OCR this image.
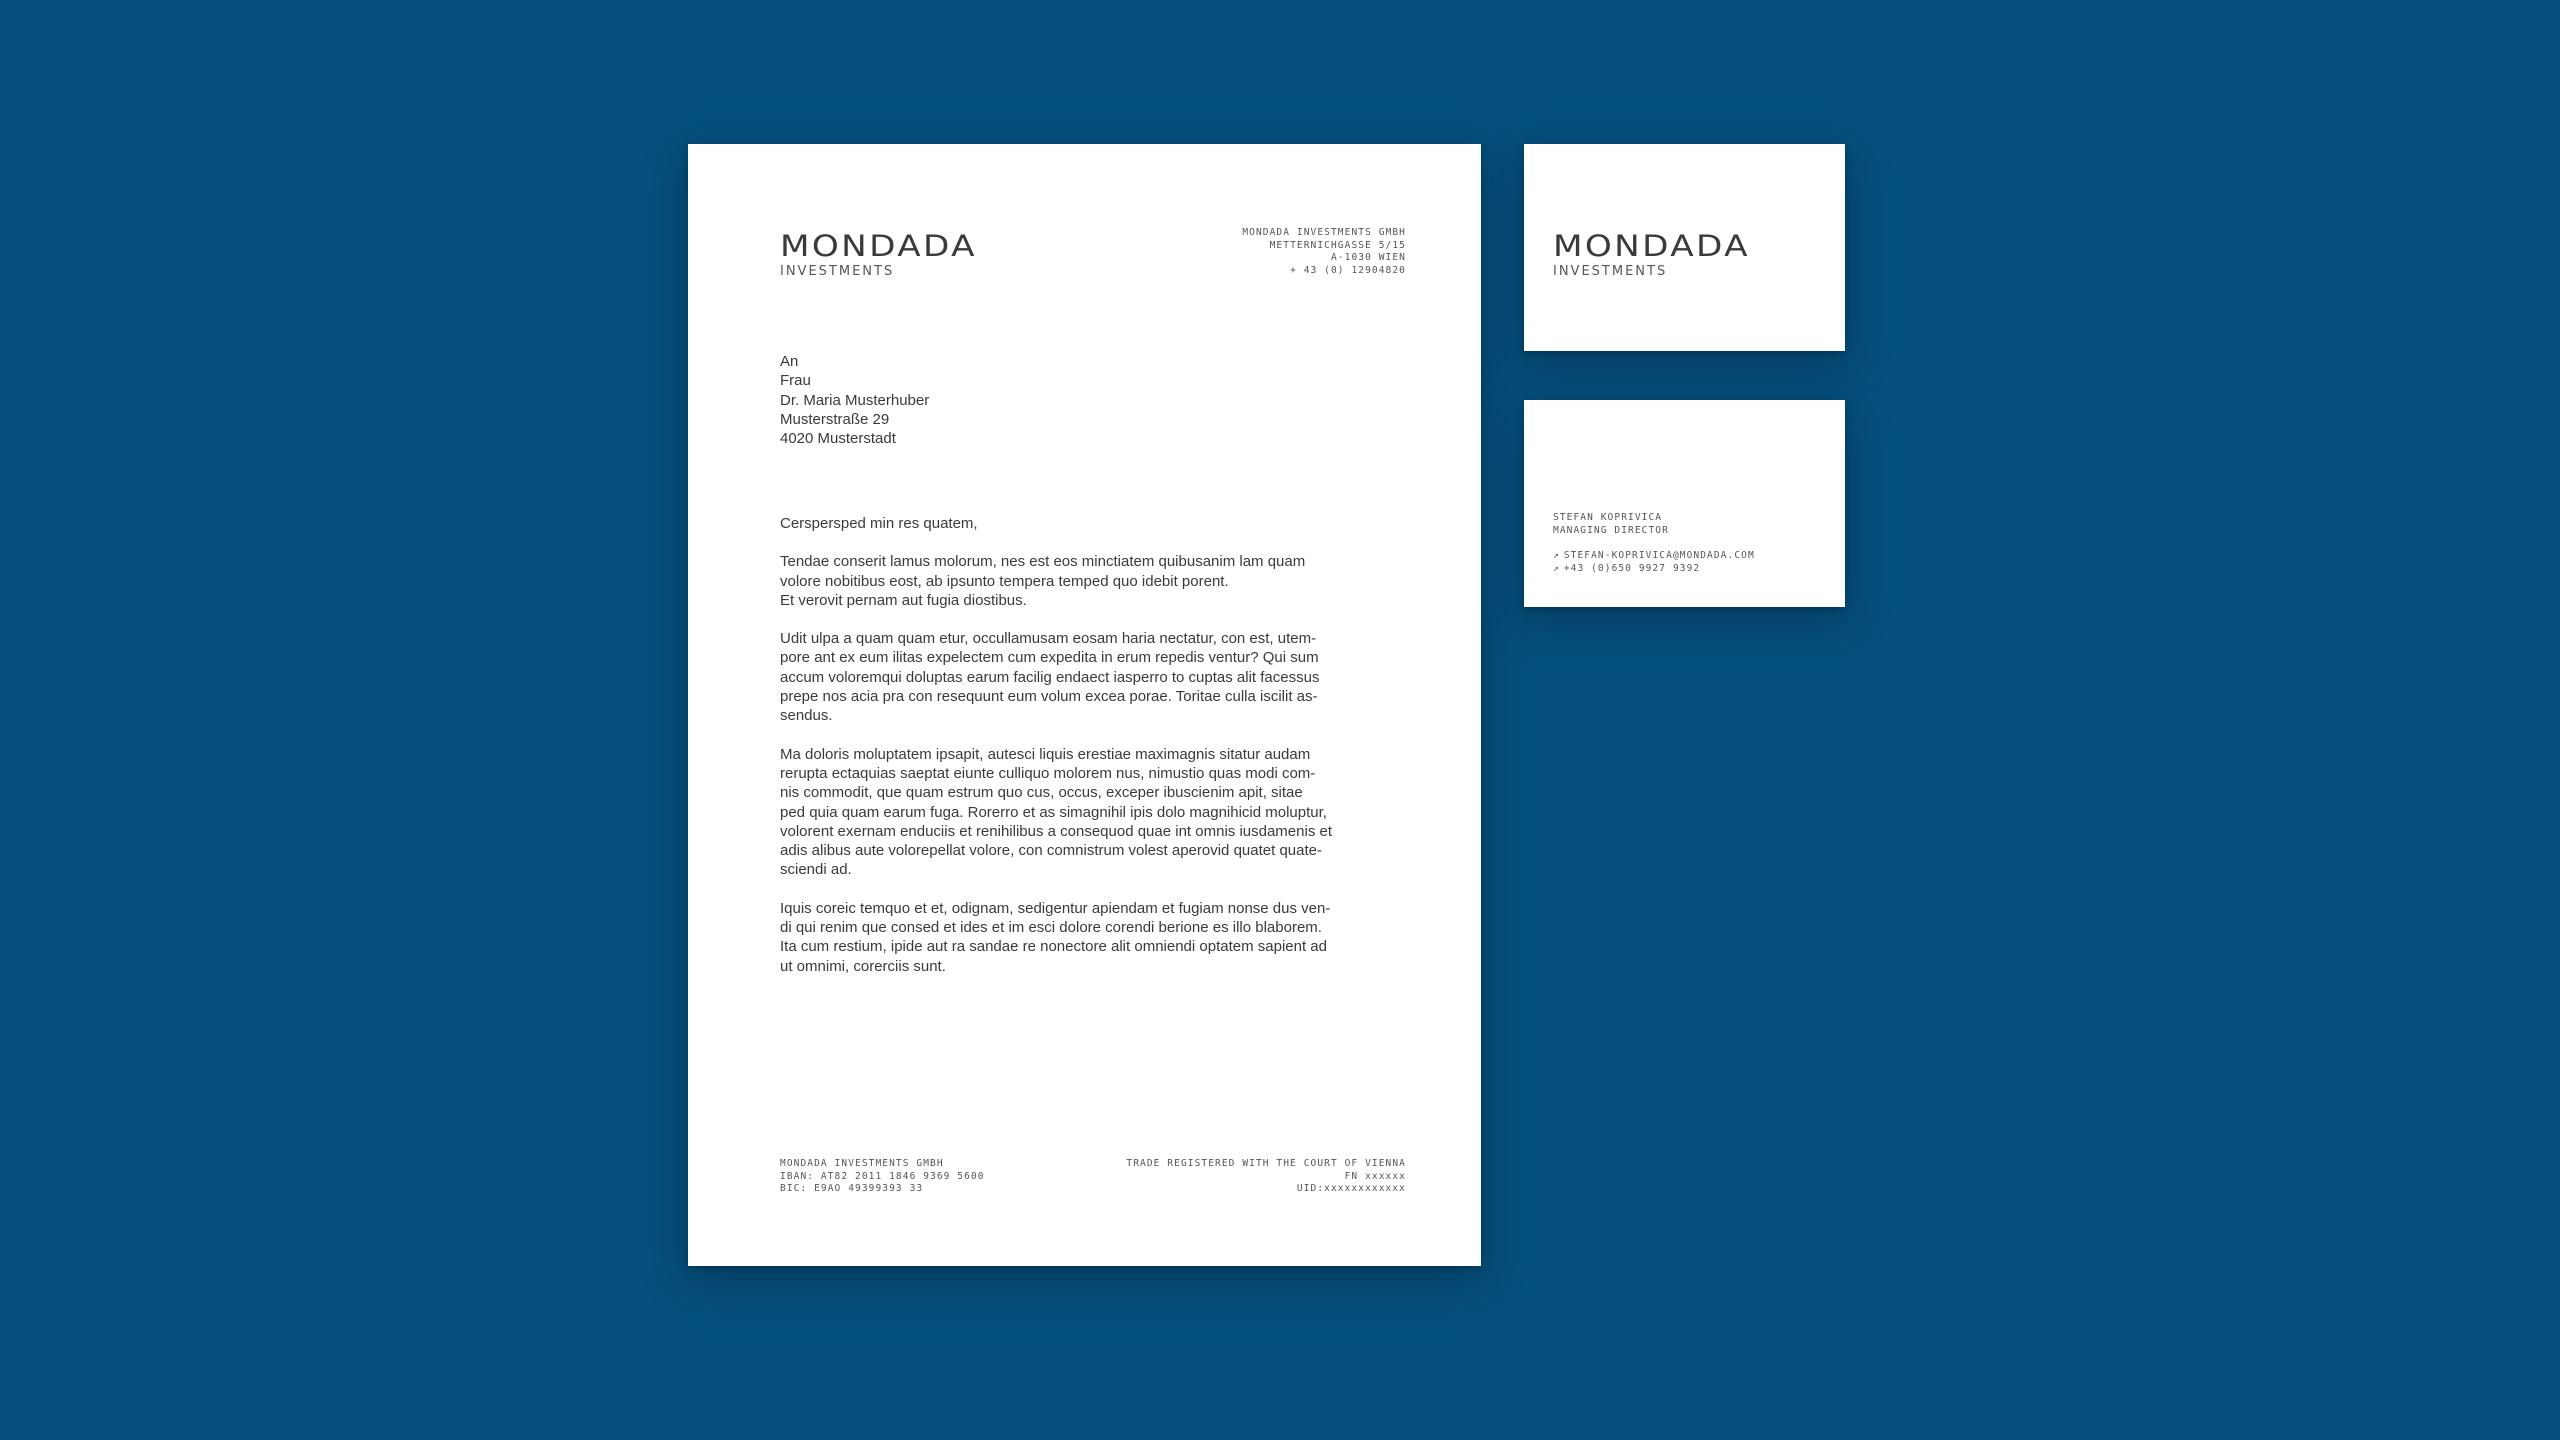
MONDADA
INVESTMENTS
MONDADA INVESTMENTS GMBH
METTERNICHGASSE 5/15
A-1030 WIEN
+ 43 (0) 12904820
An
Frau
Dr. Maria Musterhuber
Musterstraße 29
4020 Musterstadt

Cerspersped min res quatem,

Tendae conserit lamus molorum, nes est eos minctiatem quibusanim lam quam
volore nobitibus eost, ab ipsunto tempera temped quo idebit porent.
Et verovit pernam aut fugia diostibus.

Udit ulpa a quam quam etur, occullamusam eosam haria nectatur, con est, utem-
pore ant ex eum ilitas expelectem cum expedita in erum repedis ventur? Qui sum
accum voloremqui doluptas earum facilig endaect iasperro to cuptas alit facessus
prepe nos acia pra con resequunt eum volum excea porae. Toritae culla iscilit as-
sendus.

Ma doloris moluptatem ipsapit, autesci liquis erestiae maximagnis sitatur audam
rerupta ectaquias saeptat eiunte culliquo molorem nus, nimustio quas modi com-
nis commodit, que quam estrum quo cus, occus, exceper ibuscienim apit, sitae
ped quia quam earum fuga. Rorerro et as simagnihil ipis dolo magnihicid moluptur,
volorent exernam enduciis et renihilibus a consequod quae int omnis iusdamenis et
adis alibus aute volorepellat volore, con comnistrum volest aperovid quatet quate-
sciendi ad.

Iquis coreic temquo et et, odignam, sedigentur apiendam et fugiam nonse dus ven-
di qui renim que consed et ides et im esci dolore corendi berione es illo blaborem.
Ita cum restium, ipide aut ra sandae re nonectore alit omniendi optatem sapient ad
ut omnimi, corerciis sunt.

MONDADA INVESTMENTS GMBH
IBAN: AT82 2011 1846 9369 5600
BIC: E9AO 49399393 33
TRADE REGISTERED WITH THE COURT OF VIENNA
FN xxxxxx
UID:xxxxxxxxxxxx
MONDADA
INVESTMENTS
STEFAN KOPRIVICA
MANAGING DIRECTOR
↗ STEFAN-KOPRIVICA@MONDADA.COM
↗ +43 (0)650 9927 9392
